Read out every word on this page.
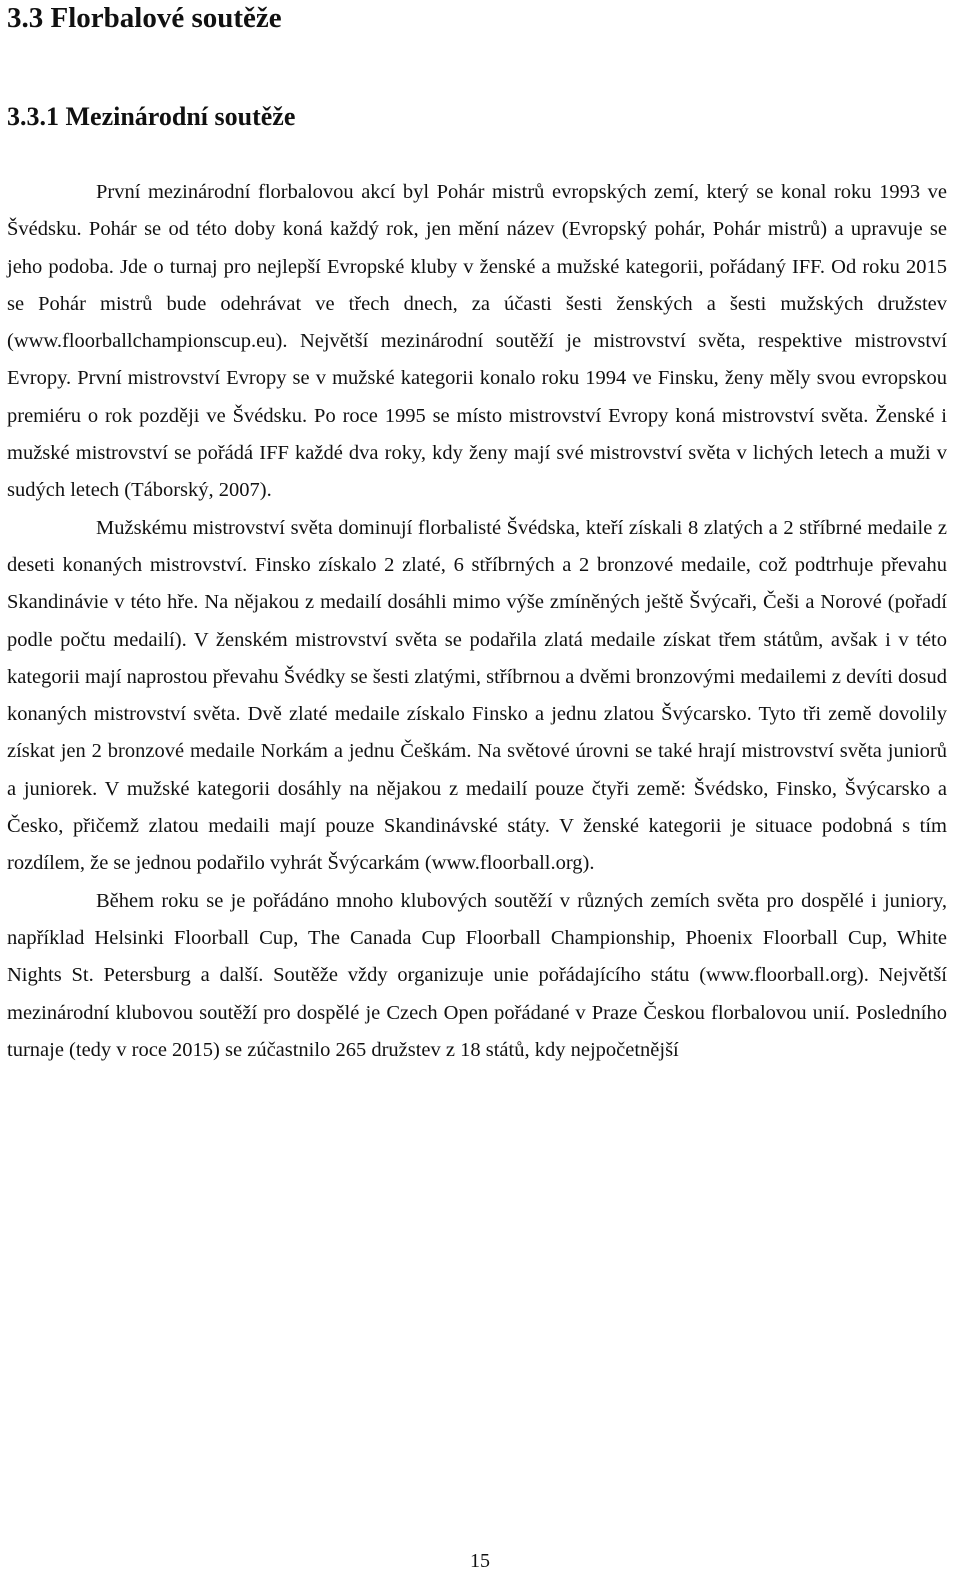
3.3 Florbalové soutěže
3.3.1 Mezinárodní soutěže

První mezinárodní florbalovou akcí byl Pohár mistrů evropských zemí, který se konal roku 1993 ve Švédsku. Pohár se od této doby koná každý rok, jen mění název (Evropský pohár, Pohár mistrů) a upravuje se jeho podoba. Jde o turnaj pro nejlepší Evropské kluby v ženské a mužské kategorii, pořádaný IFF. Od roku 2015 se Pohár mistrů bude odehrávat ve třech dnech, za účasti šesti ženských a šesti mužských družstev (www.floorballchampionscup.eu). Největší mezinárodní soutěží je mistrovství světa, respektive mistrovství Evropy. První mistrovství Evropy se v mužské kategorii konalo roku 1994 ve Finsku, ženy měly svou evropskou premiéru o rok později ve Švédsku. Po roce 1995 se místo mistrovství Evropy koná mistrovství světa. Ženské i mužské mistrovství se pořádá IFF každé dva roky, kdy ženy mají své mistrovství světa v lichých letech a muži v sudých letech (Táborský, 2007).

Mužskému mistrovství světa dominují florbalisté Švédska, kteří získali 8 zlatých a 2 stříbrné medaile z deseti konaných mistrovství. Finsko získalo 2 zlaté, 6 stříbrných a 2 bronzové medaile, což podtrhuje převahu Skandinávie v této hře. Na nějakou z medailí dosáhli mimo výše zmíněných ještě Švýcaři, Češi a Norové (pořadí podle počtu medailí). V ženském mistrovství světa se podařila zlatá medaile získat třem státům, avšak i v této kategorii mají naprostou převahu Švédky se šesti zlatými, stříbrnou a dvěmi bronzovými medailemi z devíti dosud konaných mistrovství světa. Dvě zlaté medaile získalo Finsko a jednu zlatou Švýcarsko. Tyto tři země dovolily získat jen 2 bronzové medaile Norkám a jednu Češkám. Na světové úrovni se také hrají mistrovství světa juniorů a juniorek. V mužské kategorii dosáhly na nějakou z medailí pouze čtyři země: Švédsko, Finsko, Švýcarsko a Česko, přičemž zlatou medaili mají pouze Skandinávské státy. V ženské kategorii je situace podobná s tím rozdílem, že se jednou podařilo vyhrát Švýcarkám (www.floorball.org).

Během roku se je pořádáno mnoho klubových soutěží v různých zemích světa pro dospělé i juniory, například Helsinki Floorball Cup, The Canada Cup Floorball Championship, Phoenix Floorball Cup, White Nights St. Petersburg a další. Soutěže vždy organizuje unie pořádajícího státu (www.floorball.org). Největší mezinárodní klubovou soutěží pro dospělé je Czech Open pořádané v Praze Českou florbalovou unií. Posledního turnaje (tedy v roce 2015) se zúčastnilo 265 družstev z 18 států, kdy nejpočetnější

15
